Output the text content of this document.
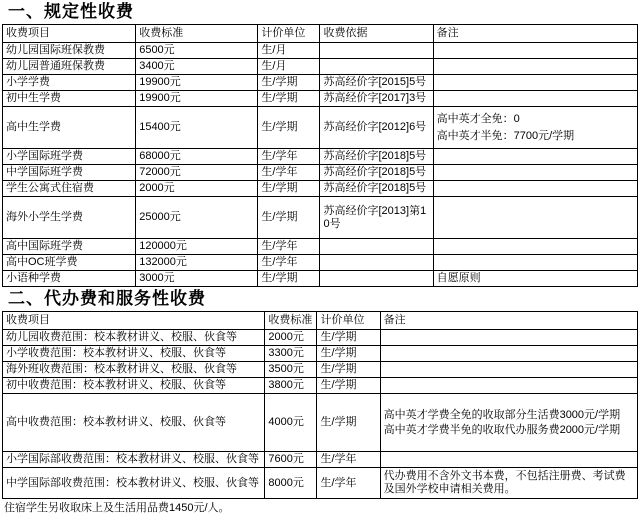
一、规定性收费
收费项目	收费标准	计价单位	收费依据	备注
幼儿园国际班保教费	6500元	生/月		
幼儿园普通班保教费	3400元	生/月		
小学学费	19900元	生/学期	苏高经价字[2015]5号	
初中生学费	19900元	生/学期	苏高经价字[2017]3号	
高中生学费	15400元	生/学期	苏高经价字[2012]6号	高中英才全免：0
高中英才半免：7700元/学期

小学国际班学费	68000元	生/学年	苏高经价字[2018]5号	
中学国际班学费	72000元	生/学年	苏高经价字[2018]5号	
学生公寓式住宿费	2000元	生/学期	苏高经价字[2018]5号	
海外小学生学费	25000元	生/学期	苏高经价字[2013]第10号	
高中国际班学费	120000元	生/学年		
高中OC班学费	132000元	生/学年		
小语种学费	3000元	生/学期		自愿原则
二、代办费和服务性收费
收费项目	收费标准	计价单位	备注
幼儿园收费范围：校本教材讲义、校服、伙食等	2000元	生/学期	
小学收费范围：校本教材讲义、校服、伙食等	3300元	生/学期	
海外班收费范围：校本教材讲义、校服、伙食等	3500元	生/学期	
初中收费范围：校本教材讲义、校服、伙食等	3800元	生/学期	
高中收费范围：校本教材讲义、校服、伙食等	4000元	生/学期	高中英才学费全免的收取部分生活费3000元/学期
高中英才学费半免的收取代办服务费2000元/学期

小学国际部收费范围：校本教材讲义、校服、伙食等	7600元	生/学年	
中学国际部收费范围：校本教材讲义、校服、伙食等	8000元	生/学年	代办费用不含外文书本费，不包括注册费、考试费及国外学校申请相关费用。
住宿学生另收取床上及生活用品费1450元/人。
